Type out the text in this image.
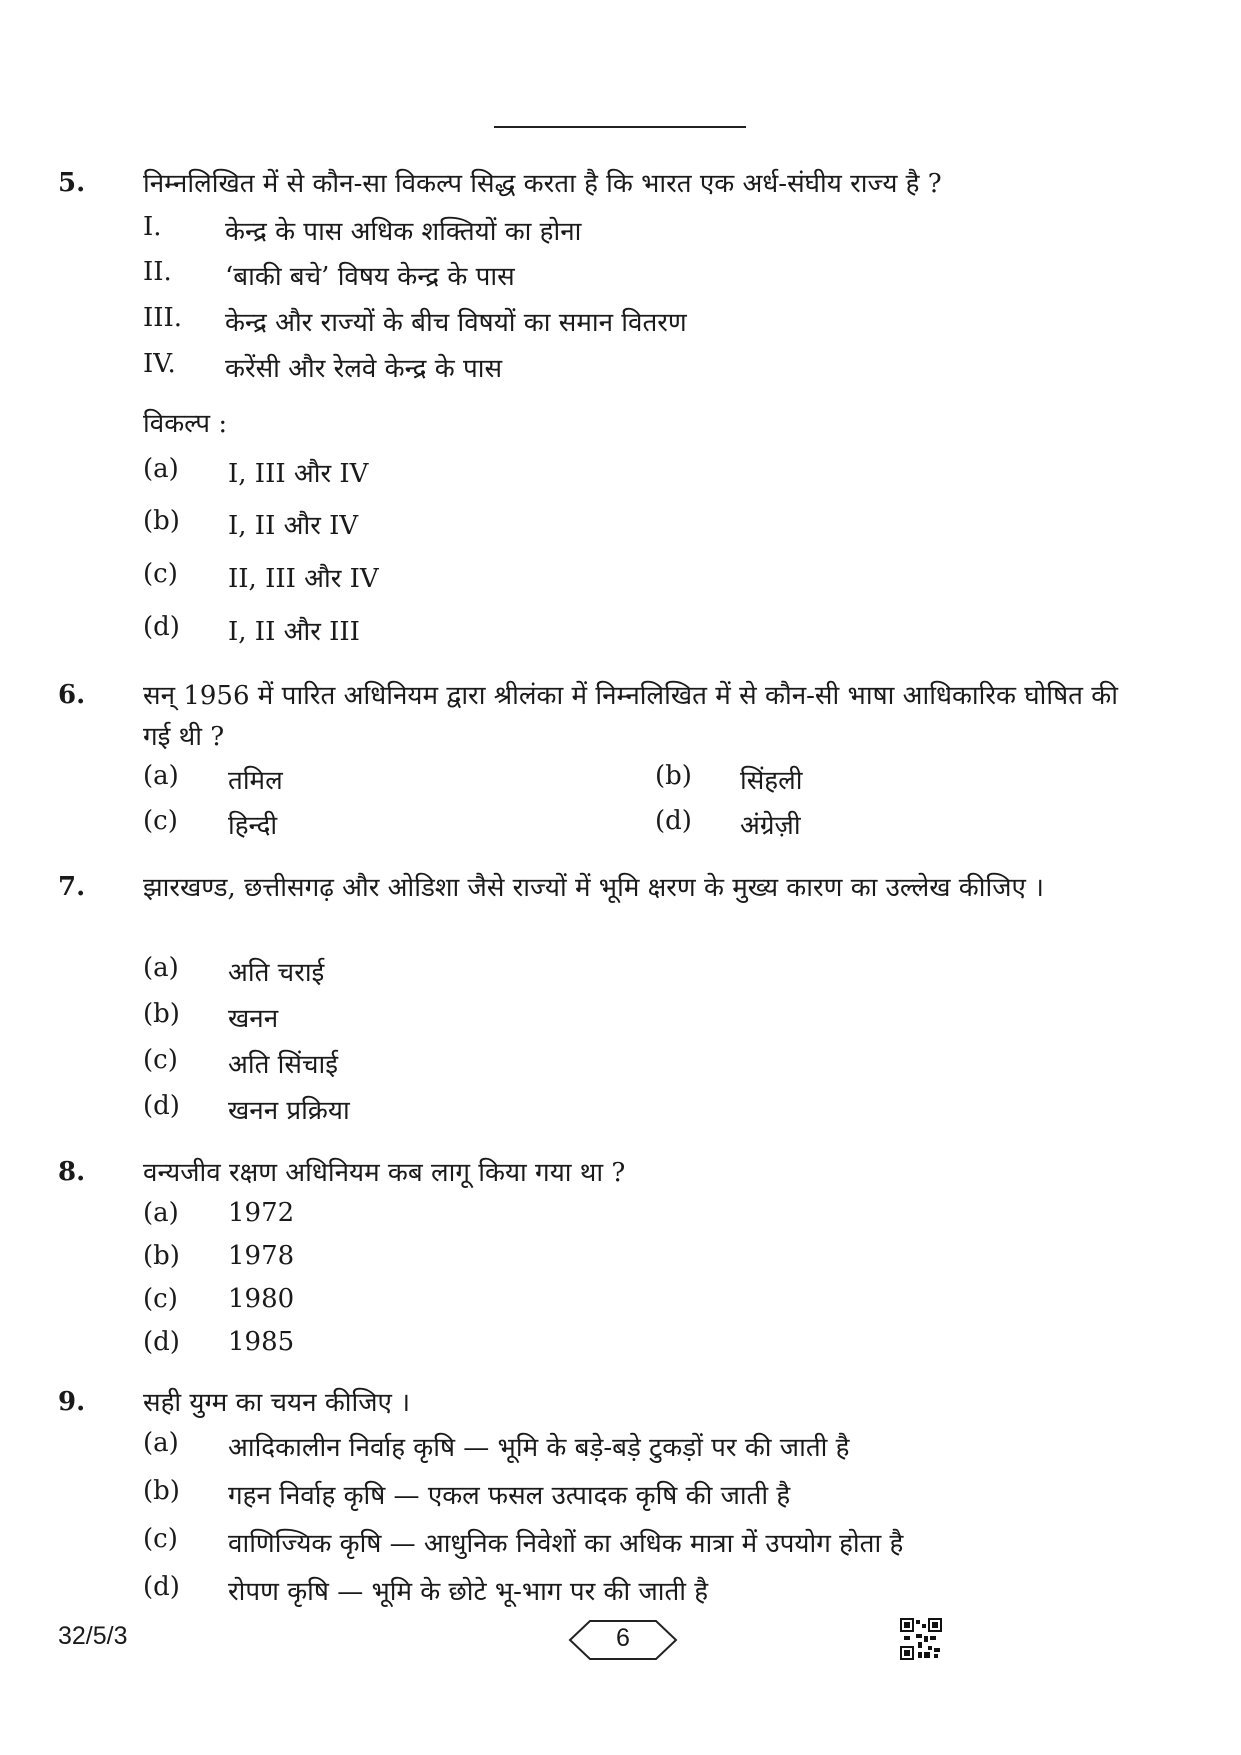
5. निम्नलिखित में से कौन-सा विकल्प सिद्ध करता है कि भारत एक अर्ध-संघीय राज्य है ?
I. केन्द्र के पास अधिक शक्तियों का होना
II. ‘बाकी बचे’ विषय केन्द्र के पास
III. केन्द्र और राज्यों के बीच विषयों का समान वितरण
IV. करेंसी और रेलवे केन्द्र के पास
विकल्प :
(a) I, III और IV
(b) I, II और IV
(c) II, III और IV
(d) I, II और III
6. सन् 1956 में पारित अधिनियम द्वारा श्रीलंका में निम्नलिखित में से कौन-सी भाषा आधिकारिक घोषित की गई थी ?
(a) तमिल	(b) सिंहली
(c) हिन्दी	(d) अंग्रेज़ी
7. झारखण्ड, छत्तीसगढ़ और ओडिशा जैसे राज्यों में भूमि क्षरण के मुख्य कारण का उल्लेख कीजिए ।
(a) अति चराई
(b) खनन
(c) अति सिंचाई
(d) खनन प्रक्रिया
8. वन्यजीव रक्षण अधिनियम कब लागू किया गया था ?
(a) 1972
(b) 1978
(c) 1980
(d) 1985
9. सही युग्म का चयन कीजिए ।
(a) आदिकालीन निर्वाह कृषि — भूमि के बड़े-बड़े टुकड़ों पर की जाती है
(b) गहन निर्वाह कृषि — एकल फसल उत्पादक कृषि की जाती है
(c) वाणिज्यिक कृषि — आधुनिक निवेशों का अधिक मात्रा में उपयोग होता है
(d) रोपण कृषि — भूमि के छोटे भू-भाग पर की जाती है
32/5/3	6
